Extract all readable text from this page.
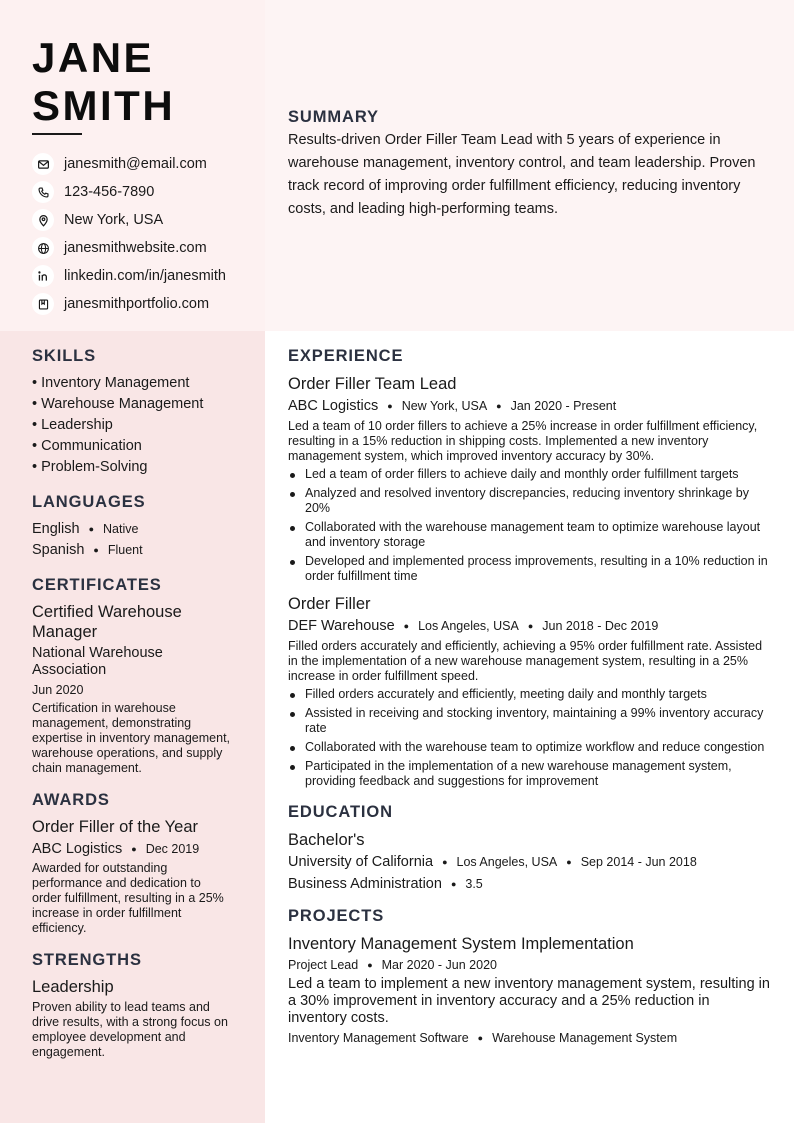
JANE
SMITH
janesmith@email.com
123-456-7890
New York, USA
janesmithwebsite.com
linkedin.com/in/janesmith
janesmithportfolio.com
SUMMARY
Results-driven Order Filler Team Lead with 5 years of experience in warehouse management, inventory control, and team leadership. Proven track record of improving order fulfillment efficiency, reducing inventory costs, and leading high-performing teams.
SKILLS
• Inventory Management
• Warehouse Management
• Leadership
• Communication
• Problem-Solving
LANGUAGES
English ● Native
Spanish ● Fluent
CERTIFICATES
Certified Warehouse Manager
National Warehouse Association
Jun 2020
Certification in warehouse management, demonstrating expertise in inventory management, warehouse operations, and supply chain management.
AWARDS
Order Filler of the Year
ABC Logistics ● Dec 2019
Awarded for outstanding performance and dedication to order fulfillment, resulting in a 25% increase in order fulfillment efficiency.
STRENGTHS
Leadership
Proven ability to lead teams and drive results, with a strong focus on employee development and engagement.
EXPERIENCE
Order Filler Team Lead
ABC Logistics ● New York, USA ● Jan 2020 - Present
Led a team of 10 order fillers to achieve a 25% increase in order fulfillment efficiency, resulting in a 15% reduction in shipping costs. Implemented a new inventory management system, which improved inventory accuracy by 30%.
Led a team of order fillers to achieve daily and monthly order fulfillment targets
Analyzed and resolved inventory discrepancies, reducing inventory shrinkage by 20%
Collaborated with the warehouse management team to optimize warehouse layout and inventory storage
Developed and implemented process improvements, resulting in a 10% reduction in order fulfillment time
Order Filler
DEF Warehouse ● Los Angeles, USA ● Jun 2018 - Dec 2019
Filled orders accurately and efficiently, achieving a 95% order fulfillment rate. Assisted in the implementation of a new warehouse management system, resulting in a 25% increase in order fulfillment speed.
Filled orders accurately and efficiently, meeting daily and monthly targets
Assisted in receiving and stocking inventory, maintaining a 99% inventory accuracy rate
Collaborated with the warehouse team to optimize workflow and reduce congestion
Participated in the implementation of a new warehouse management system, providing feedback and suggestions for improvement
EDUCATION
Bachelor's
University of California ● Los Angeles, USA ● Sep 2014 - Jun 2018
Business Administration ● 3.5
PROJECTS
Inventory Management System Implementation
Project Lead ● Mar 2020 - Jun 2020
Led a team to implement a new inventory management system, resulting in a 30% improvement in inventory accuracy and a 25% reduction in inventory costs.
Inventory Management Software ● Warehouse Management System
